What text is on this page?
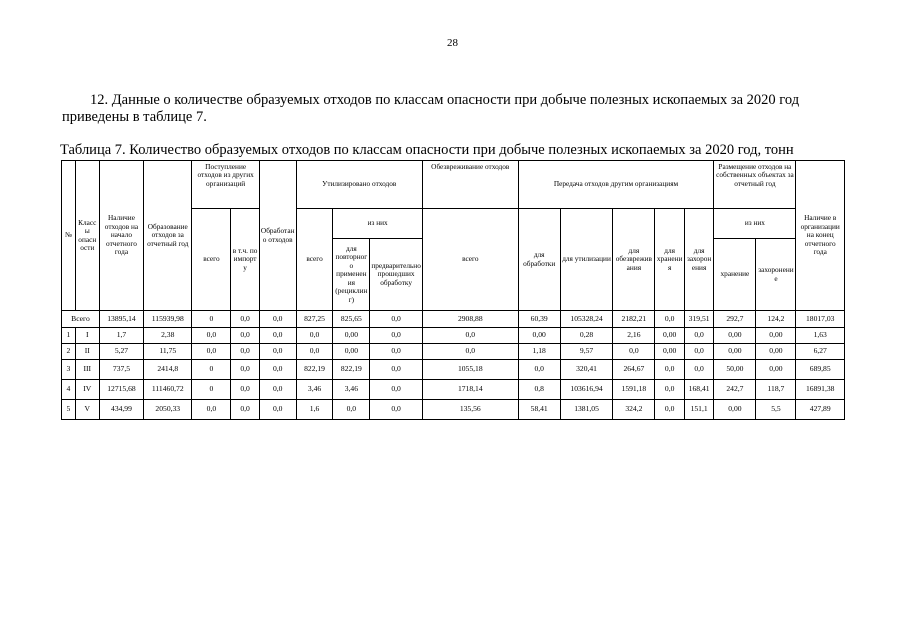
28
12. Данные о количестве образуемых отходов по классам опасности при добыче полезных ископаемых за 2020 год приведены в таблице 7.
Таблица 7. Количество образуемых отходов по классам опасности при добыче полезных ископаемых за 2020 год, тонн
№	Классы опасности	Наличие отходов на начало отчетного года	Образование отходов за отчетный год	Поступление отходов из других организаций		Обработано отходов	Утилизировано отходов			Обезвреживание отходов	Передача отходов другим организациям					Размещение отходов на собственных объектах за отчетный год		Наличие в организации на конец отчетного года
				всего	в т.ч. по импорту		всего	из них		всего	для обработки	для утилизации	для обезвреживания	для хранения	для захоронения	из них		
								для повторного применения (рециклинг)	предварительно прошедших обработку							хранение	захоронение	
Всего		13895,14	115939,98	0	0,0	0,0	827,25	825,65	0,0	2908,88	60,39	105328,24	2182,21	0,0	319,51	292,7	124,2	18017,03
1	I	1,7	2,38	0,0	0,0	0,0	0,0	0,00	0,0	0,0	0,00	0,28	2,16	0,00	0,0	0,00	0,00	1,63
2	II	5,27	11,75	0,0	0,0	0,0	0,0	0,00	0,0	0,0	1,18	9,57	0,0	0,00	0,0	0,00	0,00	6,27
3	III	737,5	2414,8	0	0,0	0,0	822,19	822,19	0,0	1055,18	0,0	320,41	264,67	0,0	0,0	50,00	0,00	689,85
4	IV	12715,68	111460,72	0	0,0	0,0	3,46	3,46	0,0	1718,14	0,8	103616,94	1591,18	0,0	168,41	242,7	118,7	16891,38
5	V	434,99	2050,33	0,0	0,0	0,0	1,6	0,0	0,0	135,56	58,41	1381,05	324,2	0,0	151,1	0,00	5,5	427,89
